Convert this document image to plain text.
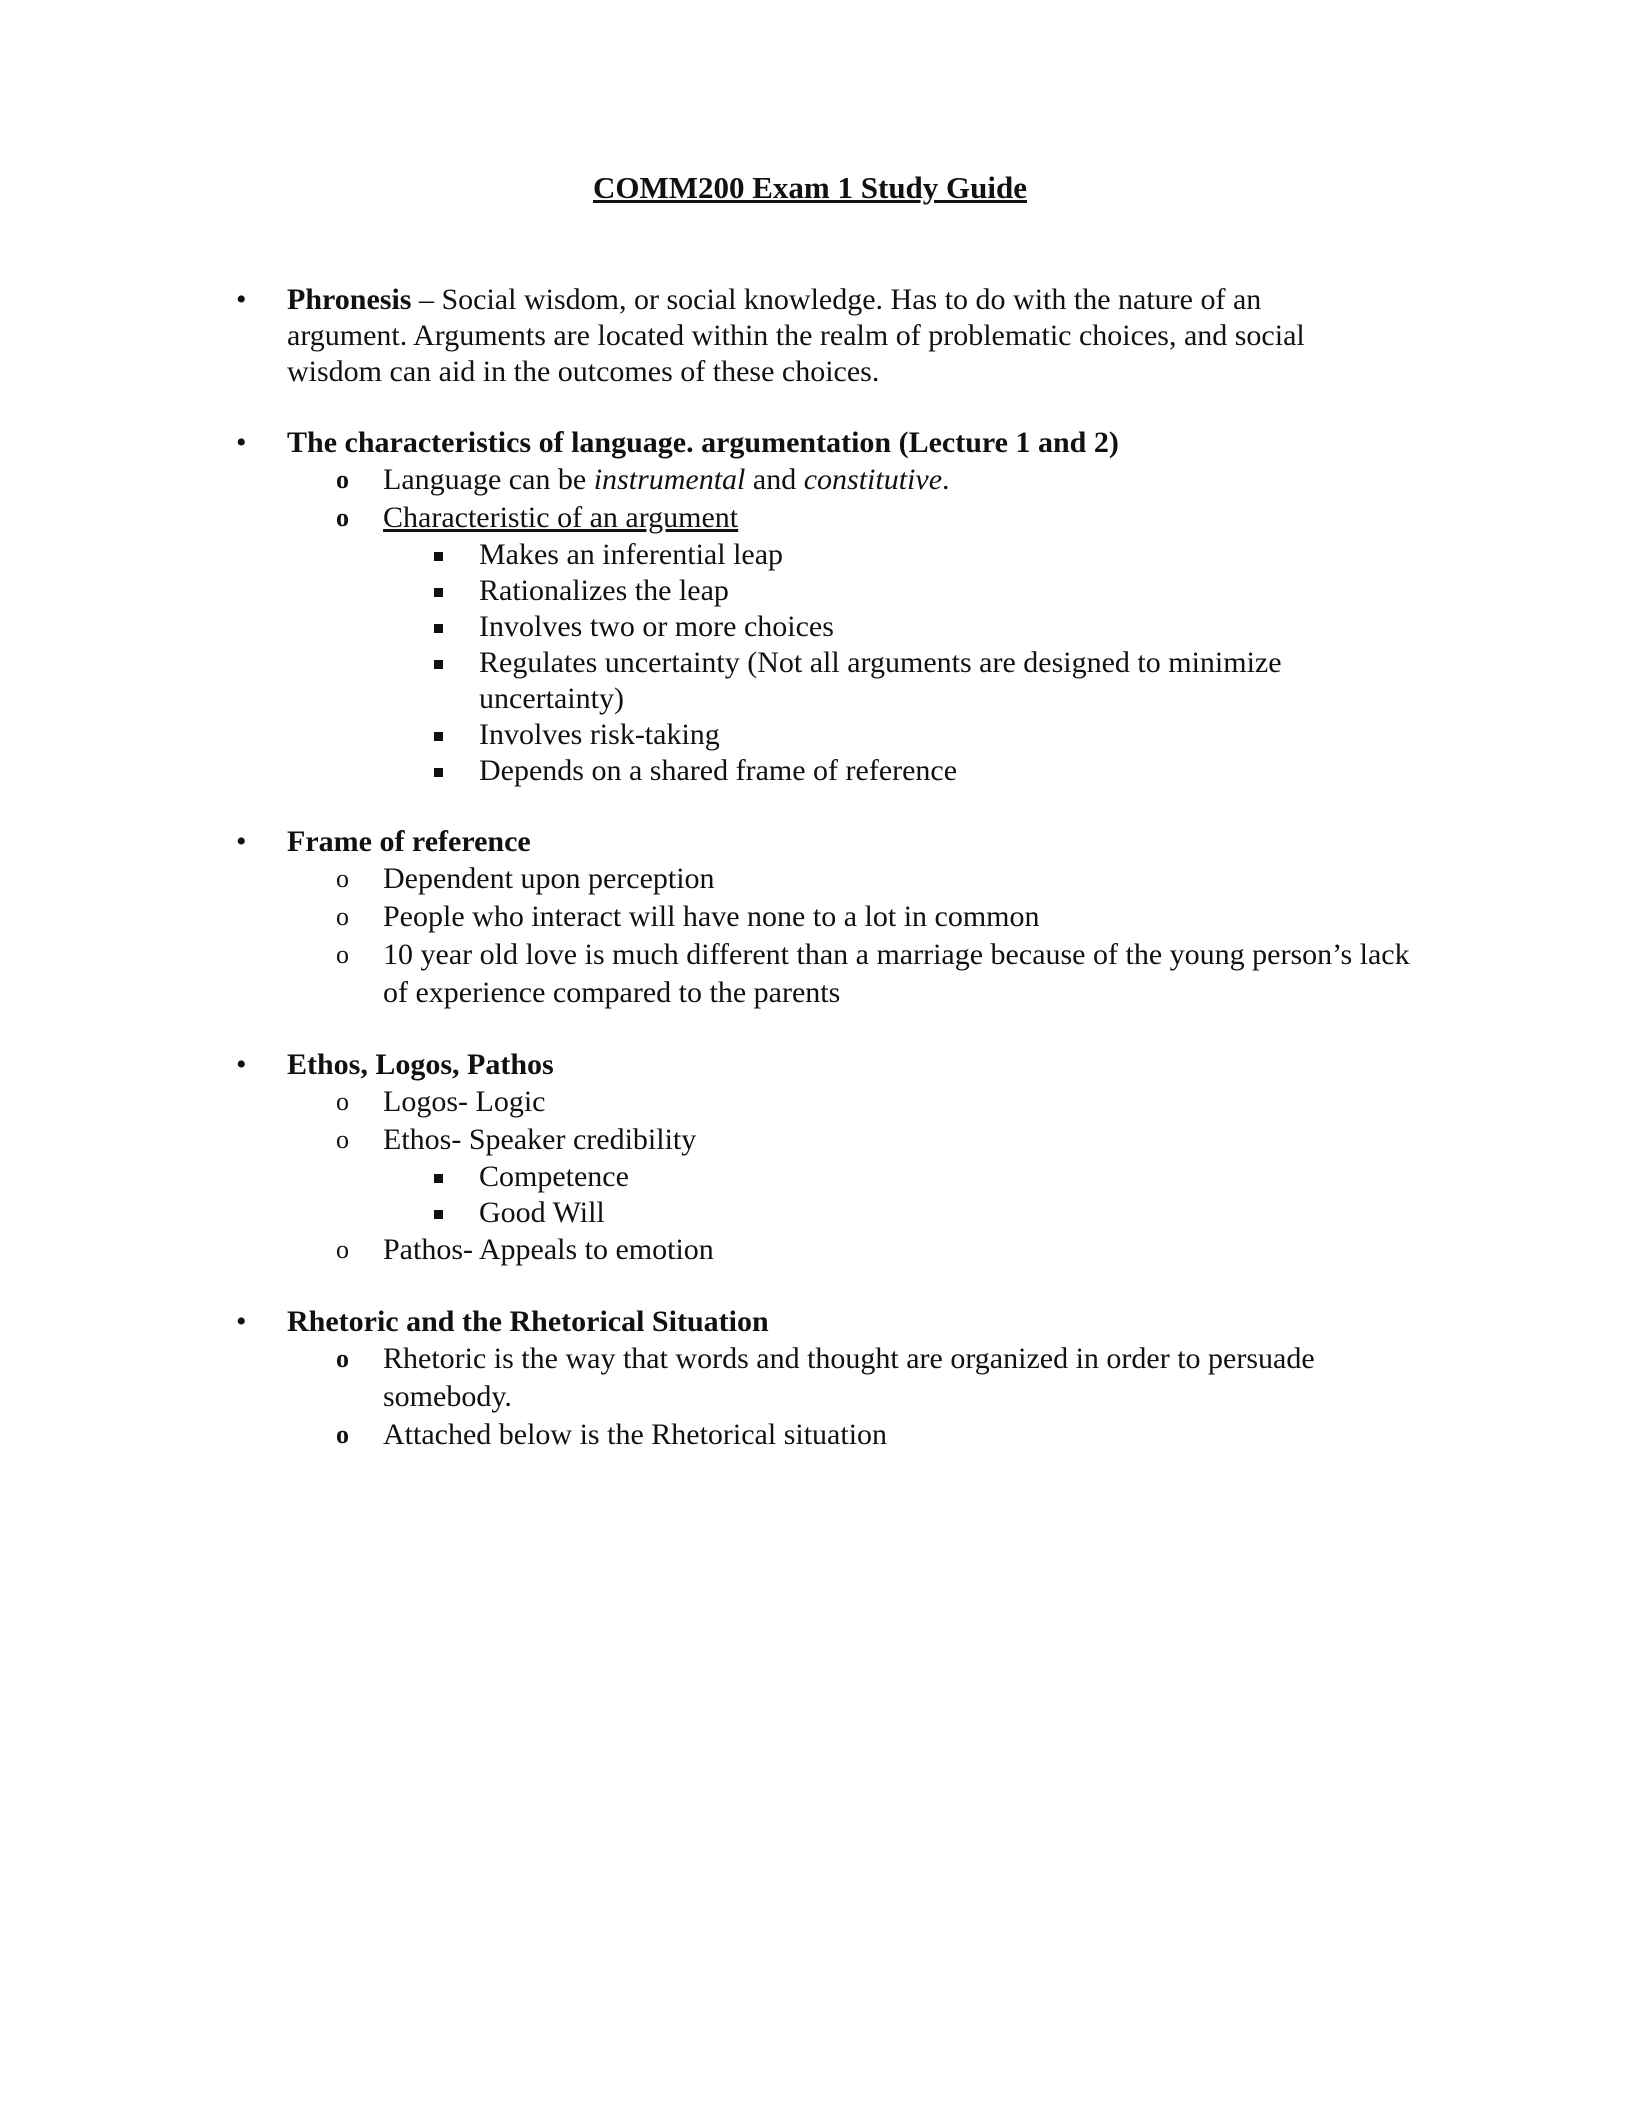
COMM200 Exam 1 Study Guide

• Phronesis – Social wisdom, or social knowledge. Has to do with the nature of an argument. Arguments are located within the realm of problematic choices, and social wisdom can aid in the outcomes of these choices.

• The characteristics of language. argumentation (Lecture 1 and 2)

o Language can be instrumental and constitutive.

o Characteristic of an argument

Makes an inferential leap

Rationalizes the leap

Involves two or more choices

Regulates uncertainty (Not all arguments are designed to minimize uncertainty)

Involves risk-taking

Depends on a shared frame of reference

• Frame of reference

o Dependent upon perception

o People who interact will have none to a lot in common

o 10 year old love is much different than a marriage because of the young person’s lack of experience compared to the parents

• Ethos, Logos, Pathos

o Logos- Logic

o Ethos- Speaker credibility

Competence

Good Will

o Pathos- Appeals to emotion

• Rhetoric and the Rhetorical Situation

o Rhetoric is the way that words and thought are organized in order to persuade somebody.

o Attached below is the Rhetorical situation
